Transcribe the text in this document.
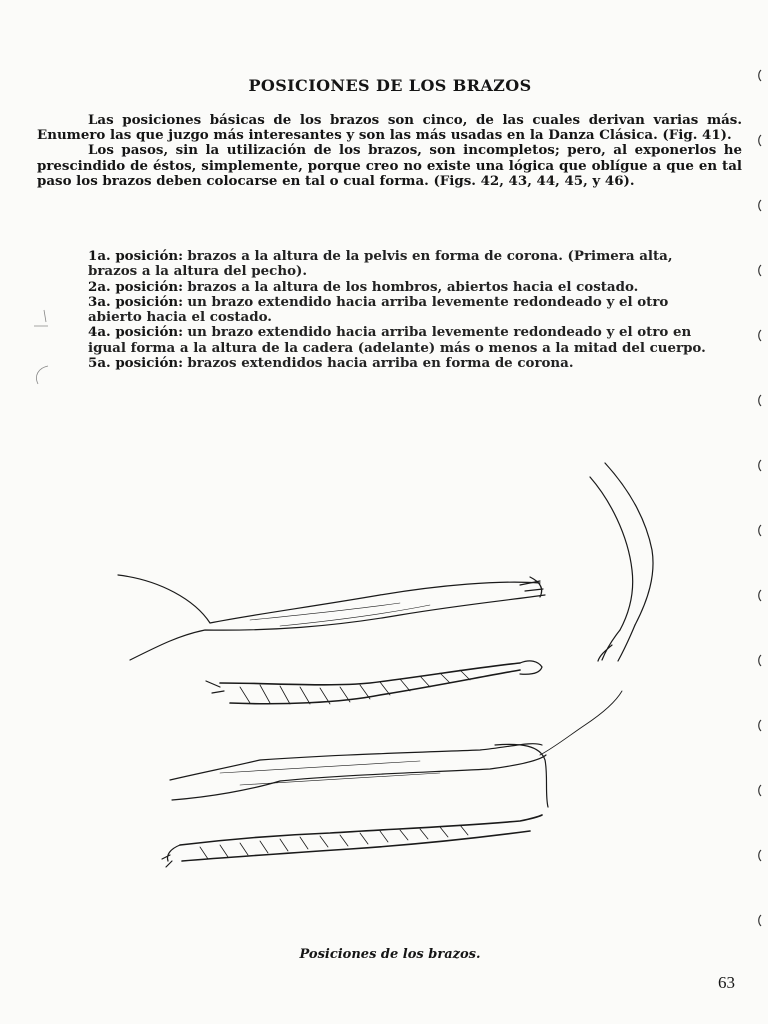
POSICIONES DE LOS BRAZOS

Las posiciones básicas de los brazos son cinco, de las cuales derivan varias más. Enumero las que juzgo más interesantes y son las más usadas en la Danza Clásica. (Fig. 41).

Los pasos, sin la utilización de los brazos, son incompletos; pero, al exponerlos he prescindido de éstos, simplemente, porque creo no existe una lógica que oblígue a que en tal paso los brazos deben colocarse en tal o cual forma. (Figs. 42, 43, 44, 45, y 46).

1a. posición: brazos a la altura de la pelvis en forma de corona. (Primera alta, brazos a la altura del pecho).
2a. posición: brazos a la altura de los hombros, abiertos hacia el costado.
3a. posición: un brazo extendido hacia arriba levemente redondeado y el otro abierto hacia el costado.
4a. posición: un brazo extendido hacia arriba levemente redondeado y el otro en igual forma a la altura de la cadera (adelante) más o menos a la mitad del cuerpo.
5a. posición: brazos extendidos hacia arriba en forma de corona.
Posiciones de los brazos.
63
